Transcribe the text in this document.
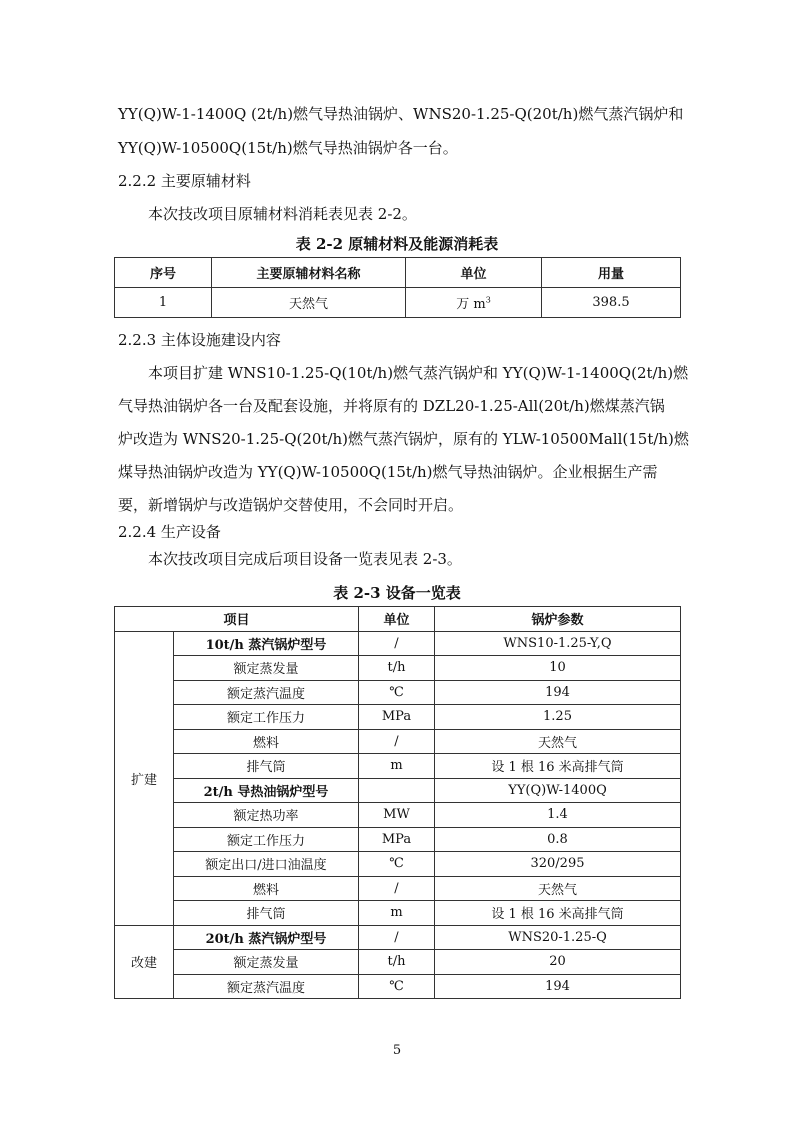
YY(Q)W-1-1400Q (2t/h)燃气导热油锅炉、WNS20-1.25-Q(20t/h)燃气蒸汽锅炉和
YY(Q)W-10500Q(15t/h)燃气导热油锅炉各一台。
2.2.2 主要原辅材料
本次技改项目原辅材料消耗表见表 2-2。
表 2-2 原辅材料及能源消耗表
序号	主要原辅材料名称	单位	用量
1	天然气	万 $m^3$	398.5
2.2.3 主体设施建设内容
本项目扩建 WNS10-1.25-Q(10t/h)燃气蒸汽锅炉和 YY(Q)W-1-1400Q(2t/h)燃
气导热油锅炉各一台及配套设施，并将原有的 DZL20-1.25-All(20t/h)燃煤蒸汽锅
炉改造为 WNS20-1.25-Q(20t/h)燃气蒸汽锅炉，原有的 YLW-10500Mall(15t/h)燃
煤导热油锅炉改造为 YY(Q)W-10500Q(15t/h)燃气导热油锅炉。企业根据生产需
要，新增锅炉与改造锅炉交替使用，不会同时开启。
2.2.4 生产设备
本次技改项目完成后项目设备一览表见表 2-3。
表 2-3 设备一览表
项目		单位	锅炉参数
扩建	10t/h 蒸汽锅炉型号	/	WNS10-1.25-Y,Q
	额定蒸发量	t/h	10
	额定蒸汽温度	℃	194
	额定工作压力	MPa	1.25
	燃料	/	天然气
	排气筒	m	设 1 根 16 米高排气筒
	2t/h 导热油锅炉型号		YY(Q)W-1400Q
	额定热功率	MW	1.4
	额定工作压力	MPa	0.8
	额定出口/进口油温度	℃	320/295
	燃料	/	天然气
	排气筒	m	设 1 根 16 米高排气筒
改建	20t/h 蒸汽锅炉型号	/	WNS20-1.25-Q
	额定蒸发量	t/h	20
	额定蒸汽温度	℃	194
5
